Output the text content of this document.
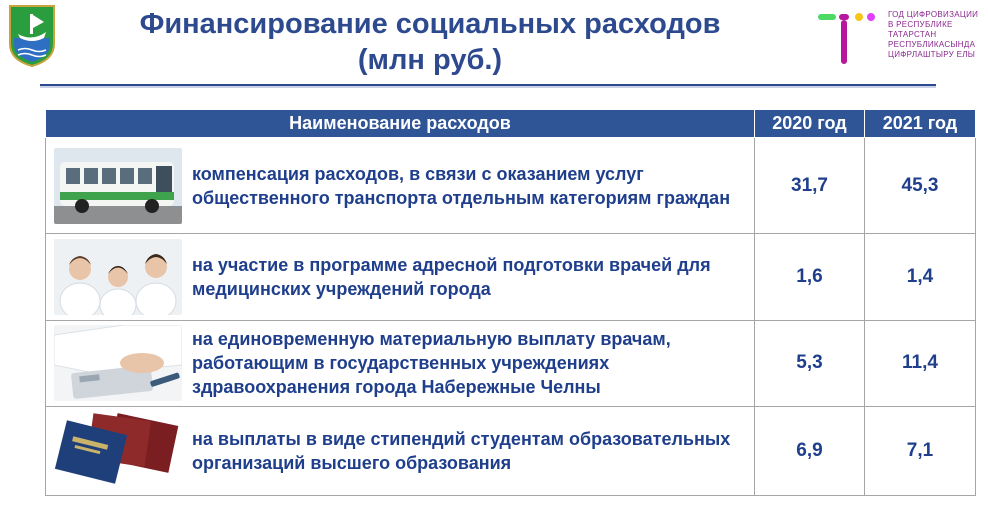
Финансирование социальных расходов
(млн руб.)
ГОД ЦИФРОВИЗАЦИИ
В РЕСПУБЛИКЕ
ТАТАРСТАН
РЕСПУБЛИКАСЫНДА
ЦИФРЛАШТЫРУ ЕЛЫ
Наименование расходов	2020 год	2021 год

компенсация расходов, в связи с оказанием услуг общественного транспорта отдельным категориям граждан	31,7	45,3

на участие в программе адресной подготовки врачей для медицинских учреждений города	1,6	1,4

на единовременную материальную выплату врачам, работающим в государственных учреждениях здравоохранения города Набережные Челны	5,3	11,4

на выплаты в виде стипендий студентам образовательных организаций высшего образования	6,9	7,1
